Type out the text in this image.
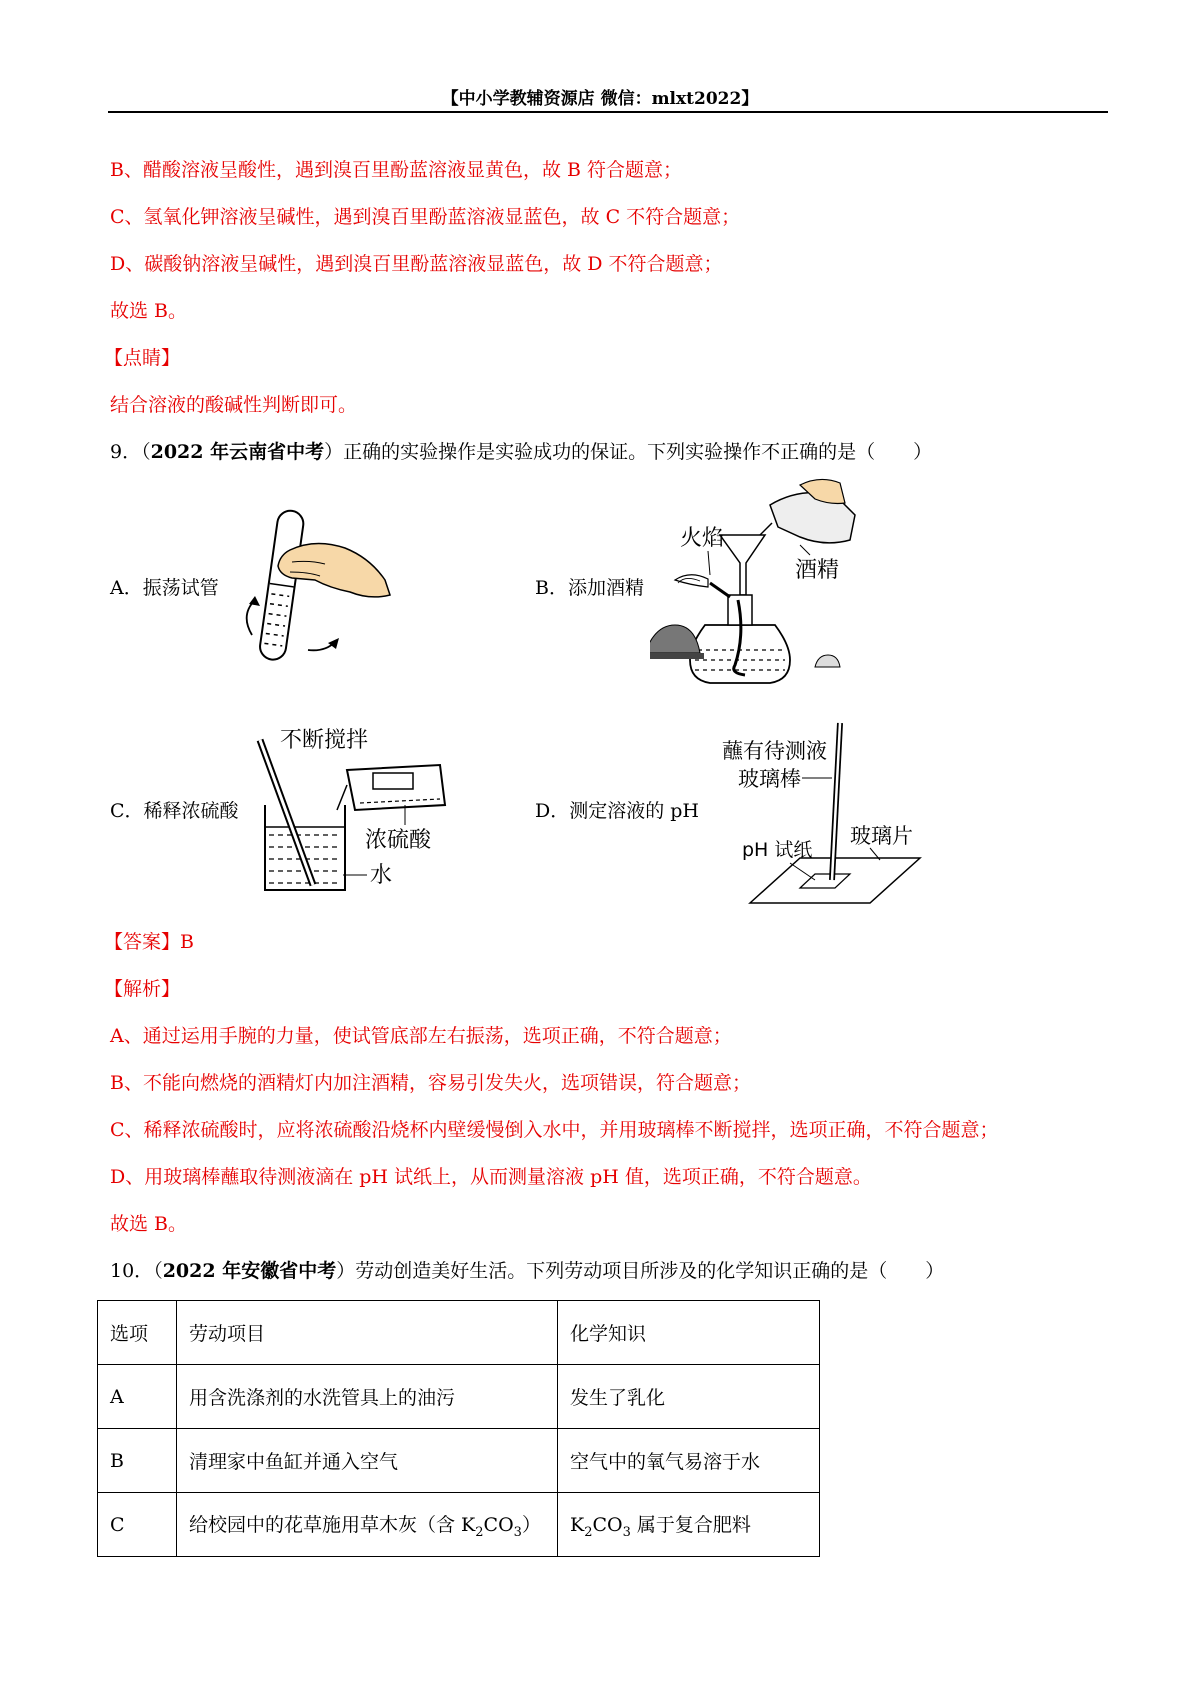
【中小学教辅资源店 微信：mlxt2022】
B、醋酸溶液呈酸性，遇到溴百里酚蓝溶液显黄色，故 B 符合题意；
C、氢氧化钾溶液呈碱性，遇到溴百里酚蓝溶液显蓝色，故 C 不符合题意；
D、碳酸钠溶液呈碱性，遇到溴百里酚蓝溶液显蓝色，故 D 不符合题意；
故选 B。
【点睛】
结合溶液的酸碱性判断即可。
9．（2022 年云南省中考）正确的实验操作是实验成功的保证。下列实验操作不正确的是（　　）
A．振荡试管	B．添加酒精
火焰
酒精
C．稀释浓硫酸
不断搅拌
浓硫酸
水
D．测定溶液的 pH
蘸有待测液
玻璃棒
玻璃片
pH 试纸
【答案】B
【解析】
A、通过运用手腕的力量，使试管底部左右振荡，选项正确，不符合题意；
B、不能向燃烧的酒精灯内加注酒精，容易引发失火，选项错误，符合题意；
C、稀释浓硫酸时，应将浓硫酸沿烧杯内壁缓慢倒入水中，并用玻璃棒不断搅拌，选项正确，不符合题意；
D、用玻璃棒蘸取待测液滴在 pH 试纸上，从而测量溶液 pH 值，选项正确，不符合题意。
故选 B。
10．（2022 年安徽省中考）劳动创造美好生活。下列劳动项目所涉及的化学知识正确的是（　　）
选项	劳动项目	化学知识
A	用含洗涤剂的水洗管具上的油污	发生了乳化
B	清理家中鱼缸并通入空气	空气中的氧气易溶于水
C	给校园中的花草施用草木灰（含 $K_2CO_3$）	$K_2CO_3$ 属于复合肥料
